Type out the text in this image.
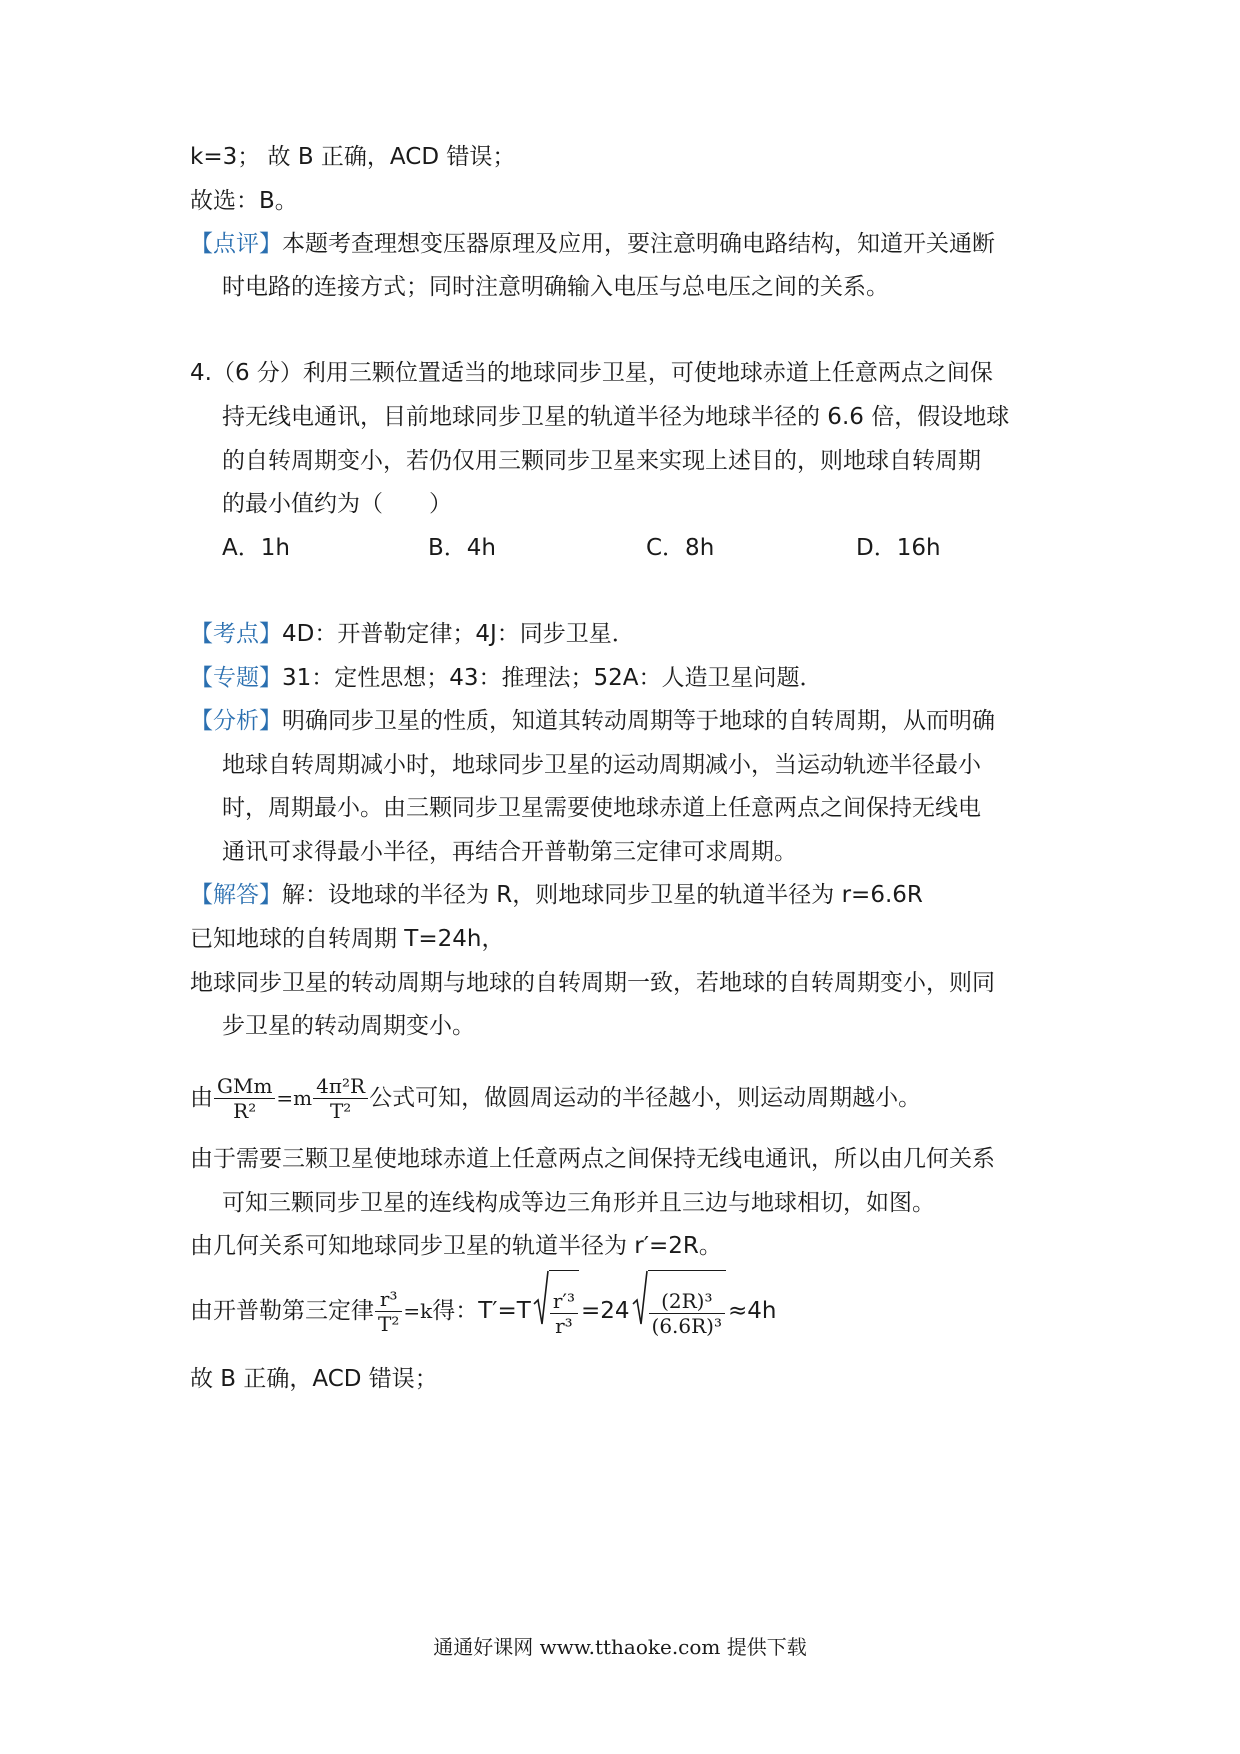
k=3； 故 B 正确，ACD 错误；
故选：B。
【点评】本题考查理想变压器原理及应用，要注意明确电路结构，知道开关通断
时电路的连接方式；同时注意明确输入电压与总电压之间的关系。
4.（6 分）利用三颗位置适当的地球同步卫星，可使地球赤道上任意两点之间保
持无线电通讯，目前地球同步卫星的轨道半径为地球半径的 6.6 倍，假设地球
的自转周期变小，若仍仅用三颗同步卫星来实现上述目的，则地球自转周期
的最小值约为（　　）
A．1h	B．4h	C．8h	D．16h
【考点】4D：开普勒定律；4J：同步卫星．
【专题】31：定性思想；43：推理法；52A：人造卫星问题．
【分析】明确同步卫星的性质，知道其转动周期等于地球的自转周期，从而明确
地球自转周期减小时，地球同步卫星的运动周期减小，当运动轨迹半径最小
时，周期最小。由三颗同步卫星需要使地球赤道上任意两点之间保持无线电
通讯可求得最小半径，再结合开普勒第三定律可求周期。
【解答】解：设地球的半径为 R，则地球同步卫星的轨道半径为 r=6.6R
已知地球的自转周期 T=24h，
地球同步卫星的转动周期与地球的自转周期一致，若地球的自转周期变小，则同
步卫星的转动周期变小。
由 $\frac{\text{GMm}}{\text{R²}} =m \frac{\text{4π²R}}{\text{T²}}$ 公式可知，做圆周运动的半径越小，则运动周期越小。
由于需要三颗卫星使地球赤道上任意两点之间保持无线电通讯，所以由几何关系
可知三颗同步卫星的连线构成等边三角形并且三边与地球相切，如图。
由几何关系可知地球同步卫星的轨道半径为 r′=2R。
由开普勒第三定律 $\frac{\text{r³}}{\text{T²}} =k$得：$T'=T \frac{\text{r′³}}{\text{r³}} =24 \frac{\text{(2R)³}}{\text{(6.6R)³}} \approx 4h$
故 B 正确，ACD 错误；
通通好课网 www.tthaoke.com 提供下载
